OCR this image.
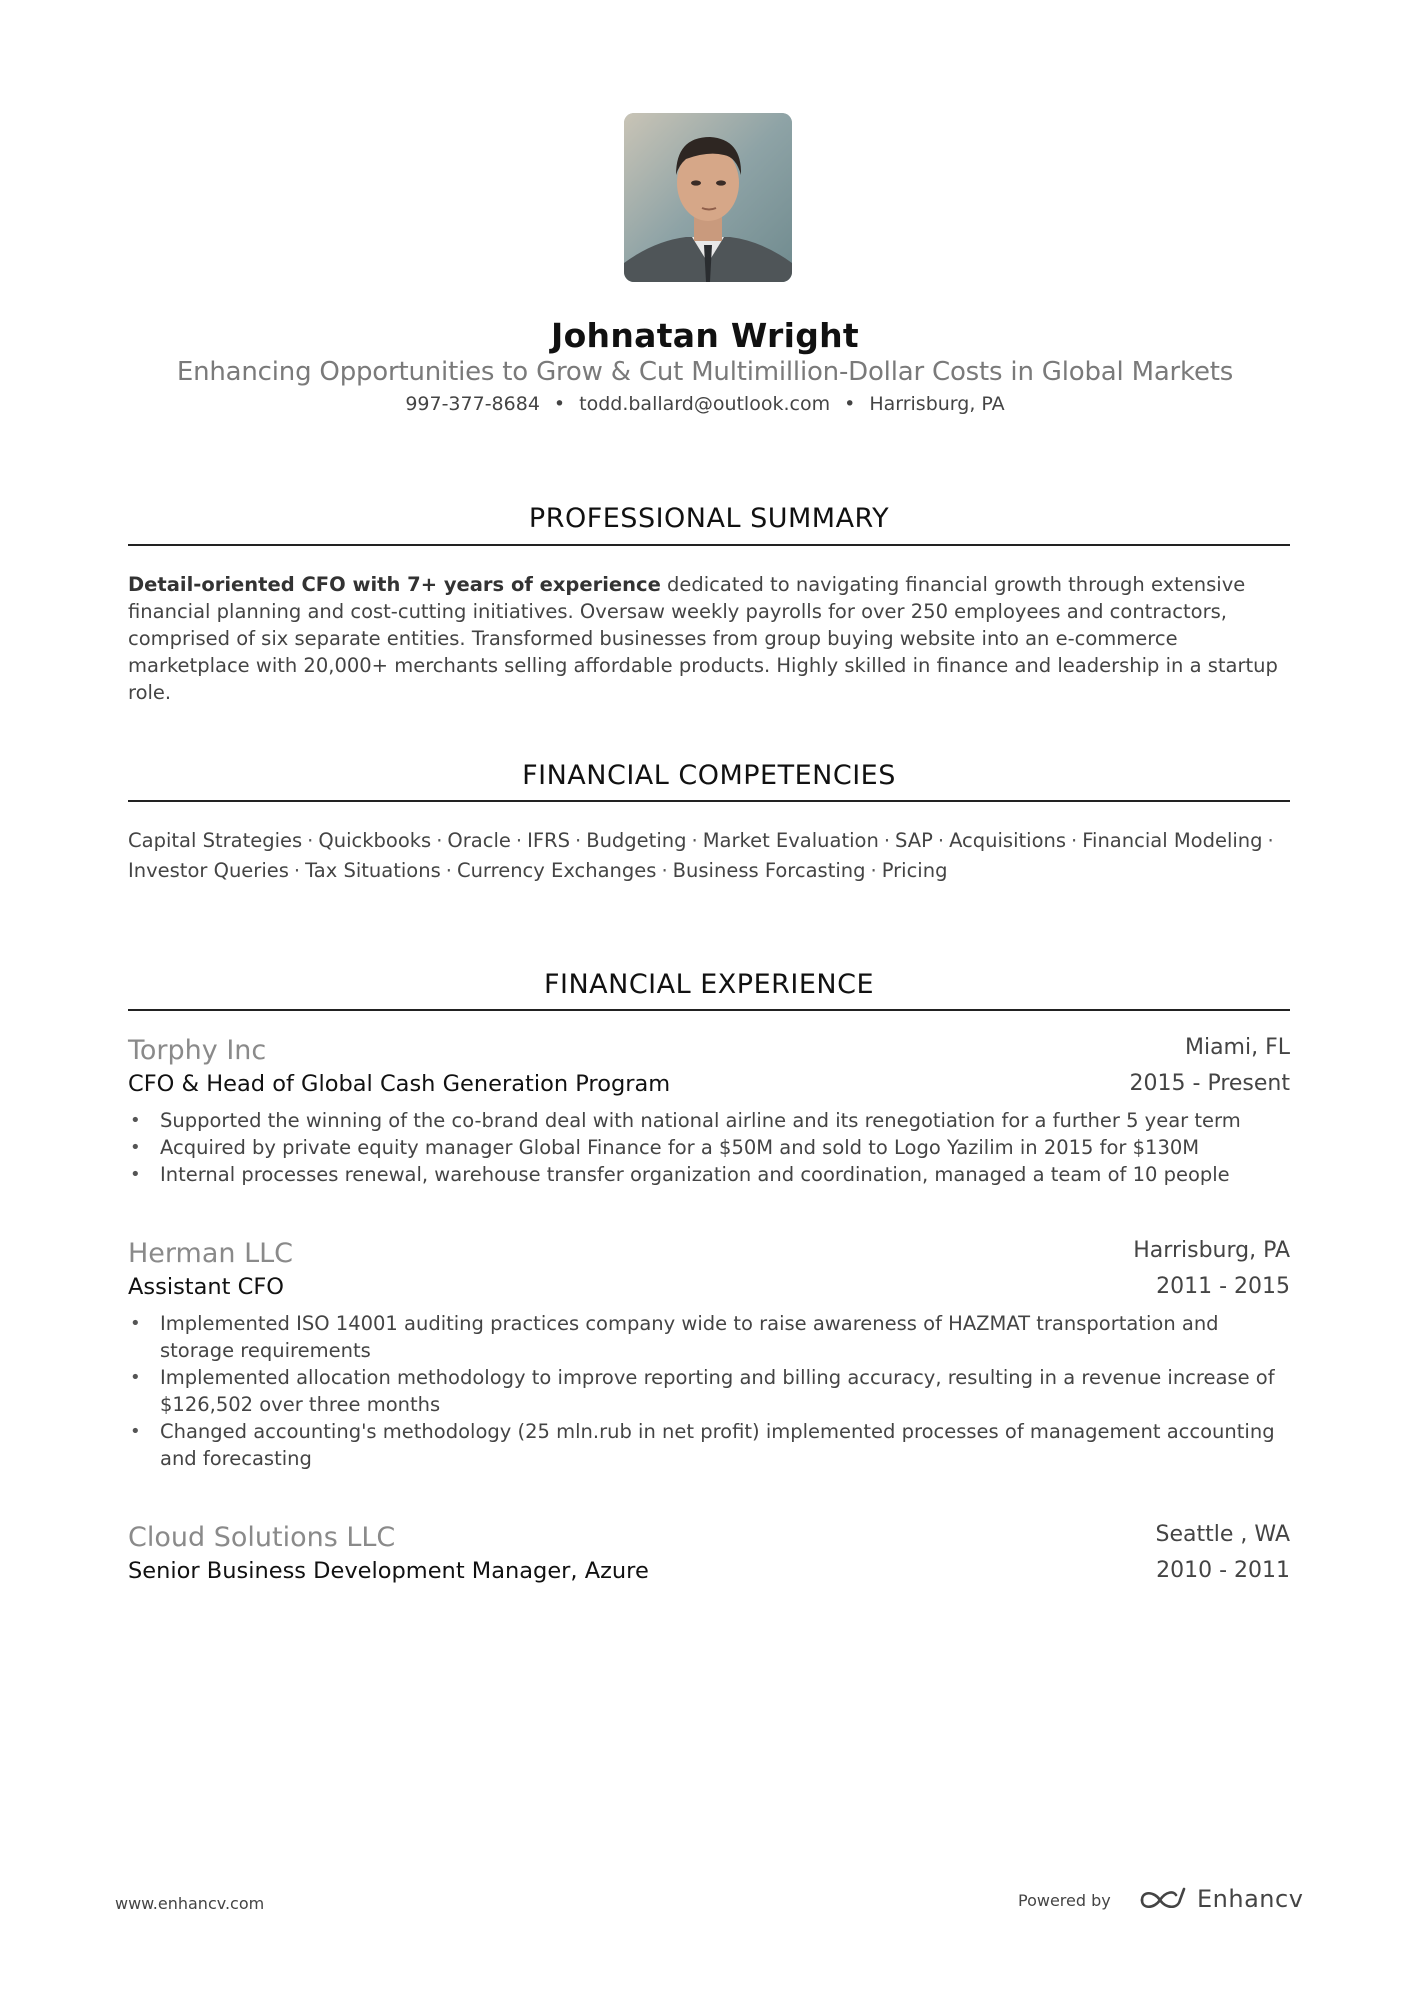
Johnatan Wright
Enhancing Opportunities to Grow & Cut Multimillion-Dollar Costs in Global Markets
997-377-8684 • todd.ballard@outlook.com • Harrisburg, PA
PROFESSIONAL SUMMARY
Detail-oriented CFO with 7+ years of experience dedicated to navigating financial growth through extensive financial planning and cost-cutting initiatives. Oversaw weekly payrolls for over 250 employees and contractors, comprised of six separate entities. Transformed businesses from group buying website into an e-commerce marketplace with 20,000+ merchants selling affordable products. Highly skilled in finance and leadership in a startup role.
FINANCIAL COMPETENCIES
Capital Strategies · Quickbooks · Oracle · IFRS · Budgeting · Market Evaluation · SAP · Acquisitions · Financial Modeling ·
Investor Queries · Tax Situations · Currency Exchanges · Business Forcasting · Pricing
FINANCIAL EXPERIENCE
Torphy Inc	Miami, FL
CFO & Head of Global Cash Generation Program	2015 - Present
• Supported the winning of the co-brand deal with national airline and its renegotiation for a further 5 year term
• Acquired by private equity manager Global Finance for a $50M and sold to Logo Yazilim in 2015 for $130M
• Internal processes renewal, warehouse transfer organization and coordination, managed a team of 10 people
Herman LLC	Harrisburg, PA
Assistant CFO	2011 - 2015
• Implemented ISO 14001 auditing practices company wide to raise awareness of HAZMAT transportation and storage requirements
• Implemented allocation methodology to improve reporting and billing accuracy, resulting in a revenue increase of $126,502 over three months
• Changed accounting's methodology (25 mln.rub in net profit) implemented processes of management accounting and forecasting
Cloud Solutions LLC	Seattle , WA
Senior Business Development Manager, Azure	2010 - 2011
www.enhancv.com	Powered by	Enhancv
